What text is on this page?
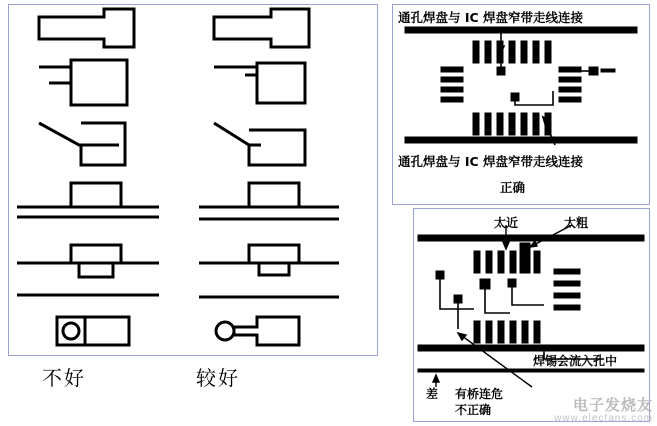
不好	较好
通孔焊盘与 IC 焊盘窄带走线连接
通孔焊盘与 IC 焊盘窄带走线连接
正确
太近	太粗
焊锡会流入孔中
差 有桥连危
不正确	电子发烧友
www.elecfans.com
